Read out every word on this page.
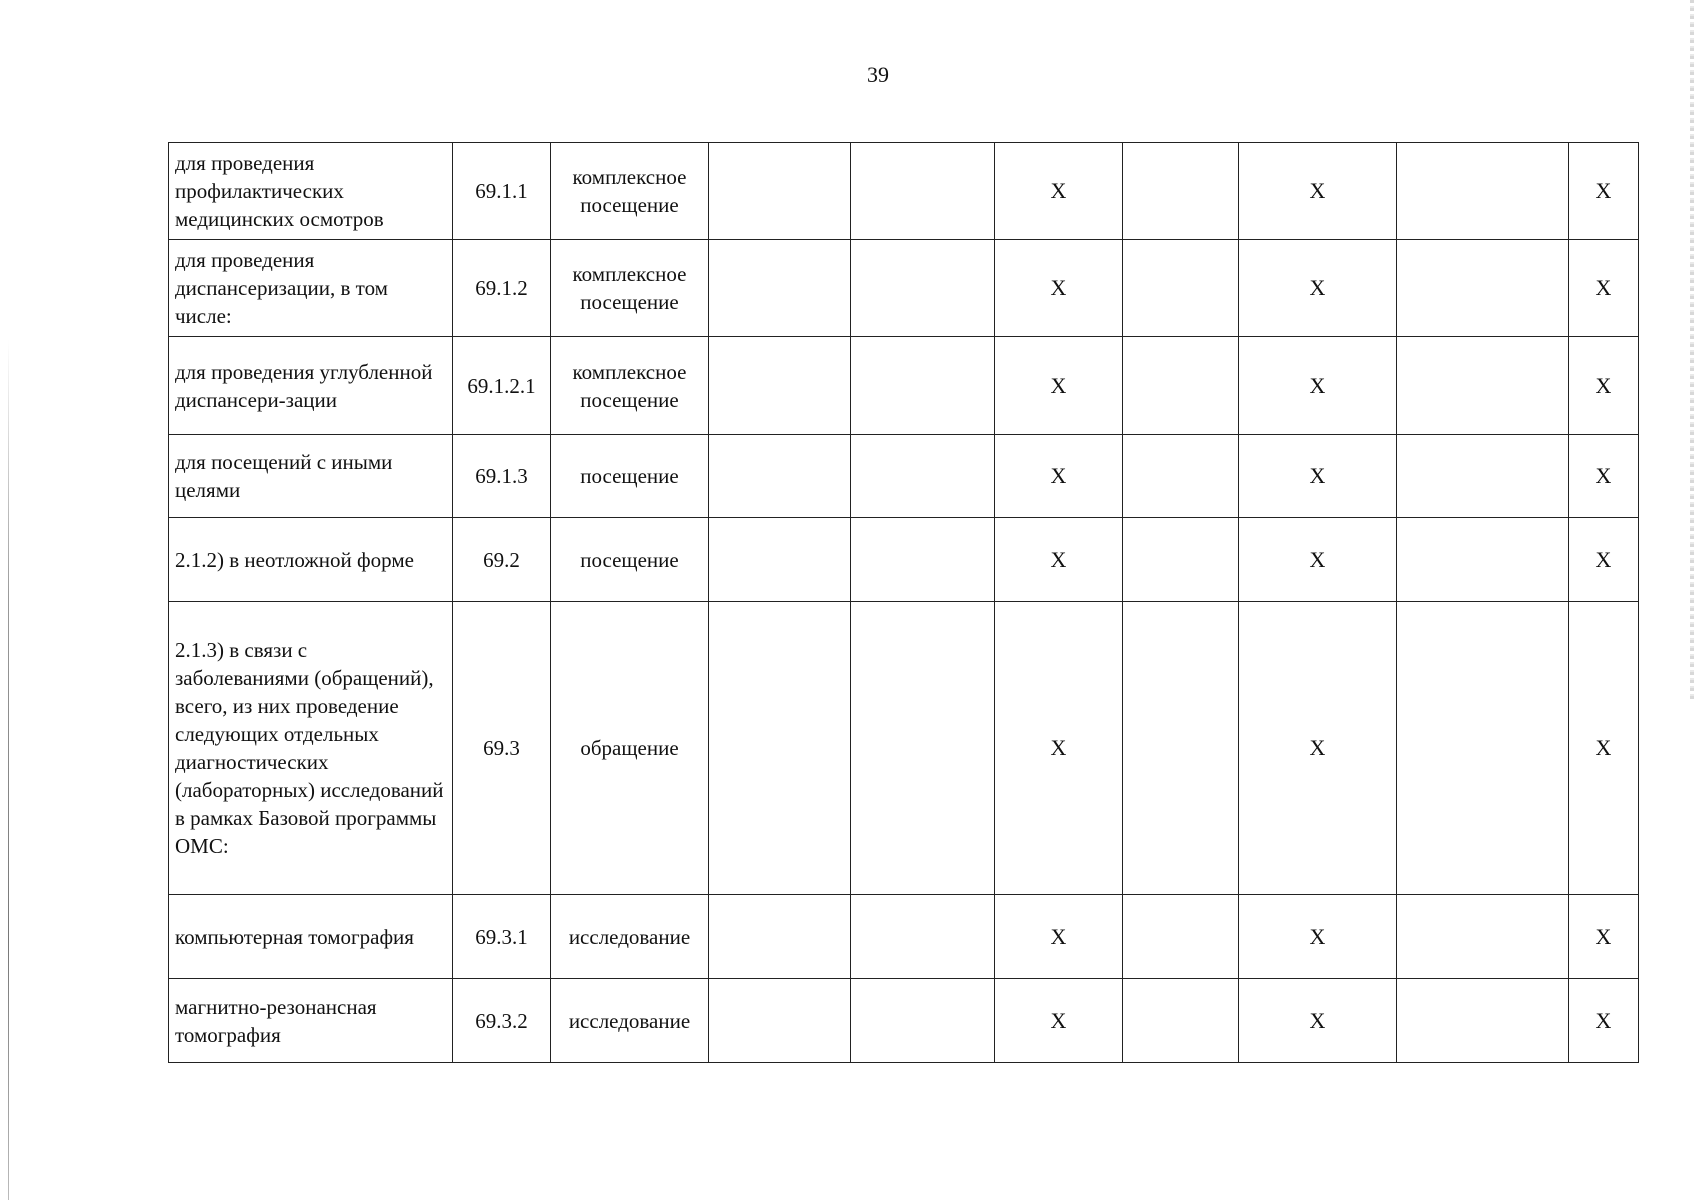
39
для проведения профилактических медицинских осмотров	69.1.1	комплексное посещение			Х		Х		Х
для проведения диспансеризации, в том числе:	69.1.2	комплексное посещение			Х		Х		Х
для проведения углубленной диспансери-зации	69.1.2.1	комплексное посещение			Х		Х		Х
для посещений с иными целями	69.1.3	посещение			Х		Х		Х
2.1.2) в неотложной форме	69.2	посещение			Х		Х		Х
2.1.3) в связи с заболеваниями (обращений), всего, из них проведение следующих отдельных диагностических (лабораторных) исследований в рамках Базовой программы ОМС:	69.3	обращение			Х		Х		Х
компьютерная томография	69.3.1	исследование			Х		Х		Х
магнитно-резонансная томография	69.3.2	исследование			Х		Х		Х
